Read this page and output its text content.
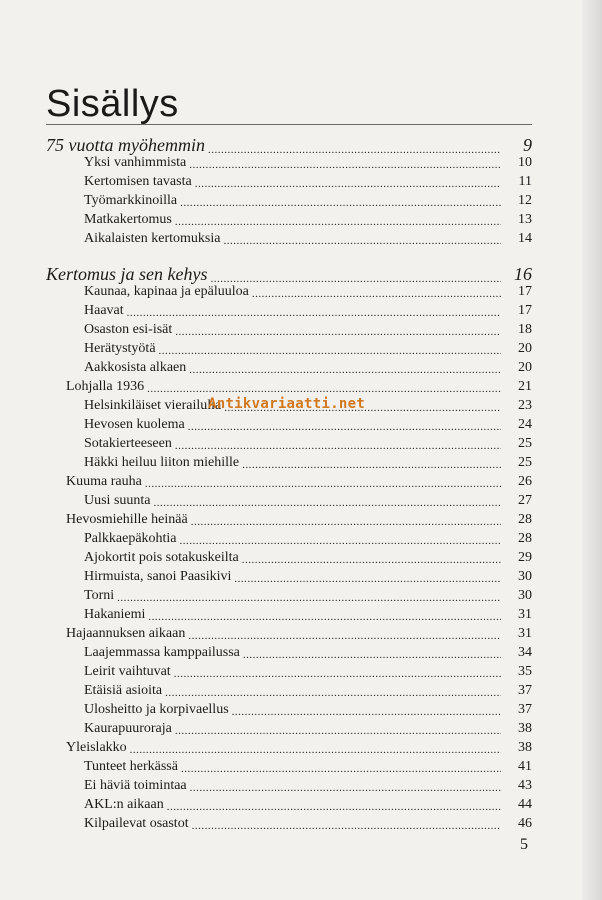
Sisällys
75 vuotta myöhemmin .....	9
Yksi vanhimmista .....	10
Kertomisen tavasta .....	11
Työmarkkinoilla .....	12
Matkakertomus .....	13
Aikalaisten kertomuksia .....	14
Kertomus ja sen kehys .....	16
Kaunaa, kapinaa ja epäluuloa .....	17
Haavat .....	17
Osaston esi-isät .....	18
Herätystyötä .....	20
Aakkosista alkaen .....	20
Lohjalla 1936 .....	21
Helsinkiläiset vierailulla .....	23
Hevosen kuolema .....	24
Sotakierteeseen .....	25
Häkki heiluu liiton miehille .....	25
Kuuma rauha .....	26
Uusi suunta .....	27
Hevosmiehille heinää .....	28
Palkkaepäkohtia .....	28
Ajokortit pois sotakuskeilta .....	29
Hirmuista, sanoi Paasikivi .....	30
Torni .....	30
Hakaniemi .....	31
Hajaannuksen aikaan .....	31
Laajemmassa kamppailussa .....	34
Leirit vaihtuvat .....	35
Etäisiä asioita .....	37
Ulosheitto ja korpivaellus .....	37
Kaurapuuroraja .....	38
Yleislakko .....	38
Tunteet herkässä .....	41
Ei häviä toimintaa .....	43
AKL:n aikaan .....	44
Kilpailevat osastot .....	46
Antikvariaatti.net
5
